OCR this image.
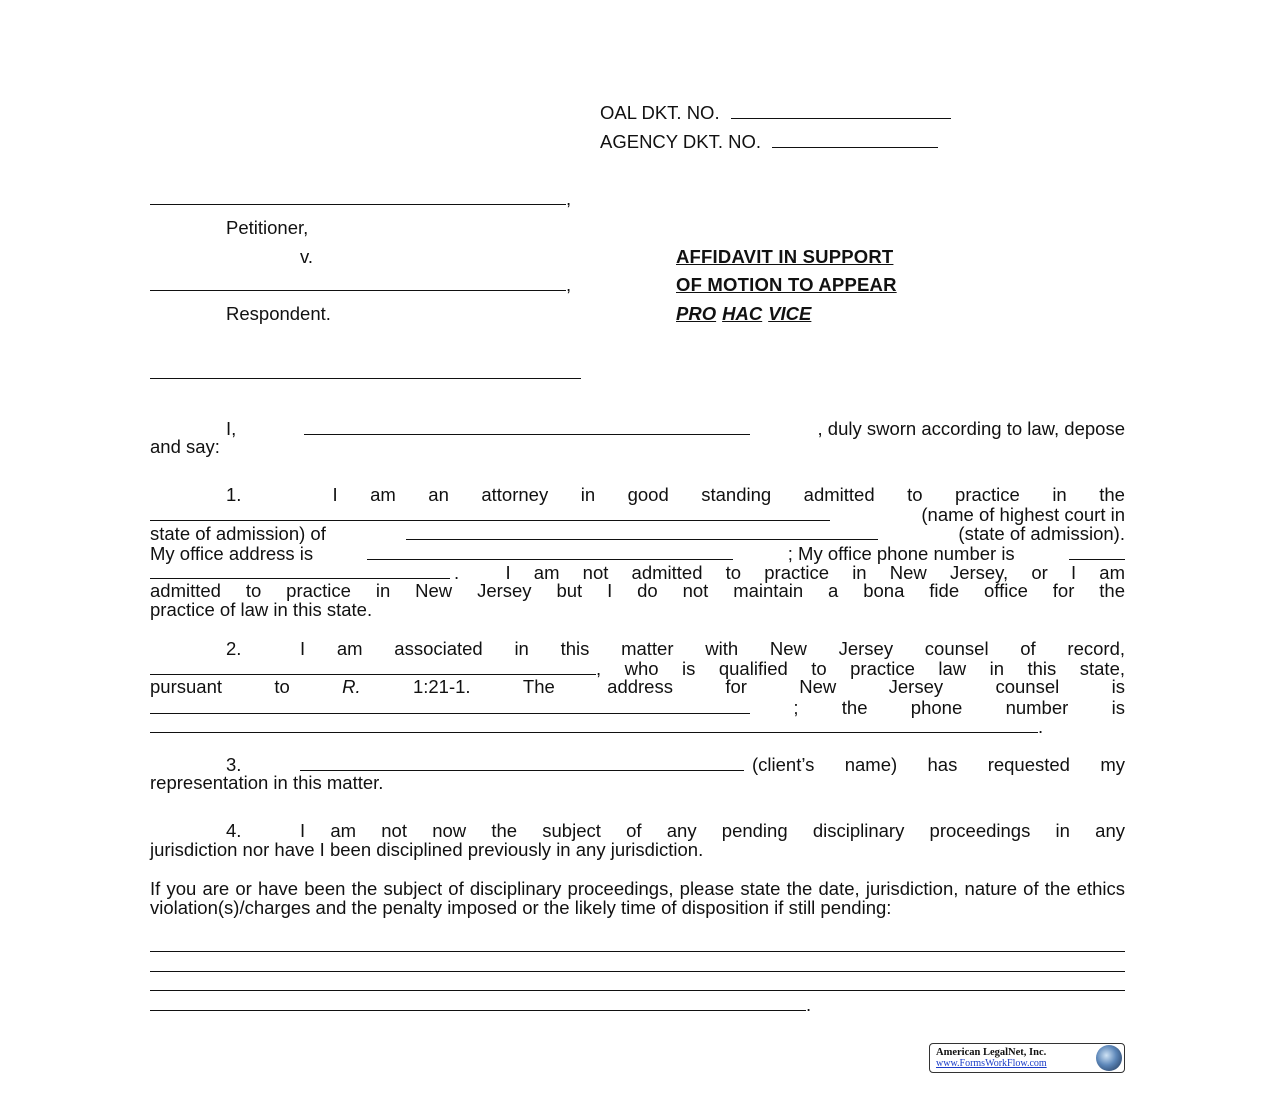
OAL DKT. NO.
AGENCY DKT. NO.
,
Petitioner,
v.
,
Respondent.
AFFIDAVIT IN SUPPORT
OF MOTION TO APPEAR
PRO HAC VICE
I,	, duly sworn according to law, depose
and say:
1.	I am an attorney in good standing admitted to practice in the
(name of highest court in
state of admission) of	(state of admission).
My office address is	; My office phone number is
.  I am not admitted to practice in New Jersey, or I am
admitted to practice in New Jersey but I do not maintain a bona fide office for the
practice of law in this state.
2.	I am associated in this matter with New Jersey counsel of record,
, who is qualified to practice law in this state,
pursuant	to	R.	1:21-1.	The	address	for	New	Jersey	counsel	is
; the phone number is
.
3.	(client’s name) has requested my
representation in this matter.
4.	I am not now the subject of any pending disciplinary proceedings in any
jurisdiction nor have I been disciplined previously in any jurisdiction.
If you are or have been the subject of disciplinary proceedings, please state the date, jurisdiction, nature of the ethics violation(s)/charges and the penalty imposed or the likely time of disposition if still pending:
.
American LegalNet, Inc.
www.FormsWorkFlow.com
